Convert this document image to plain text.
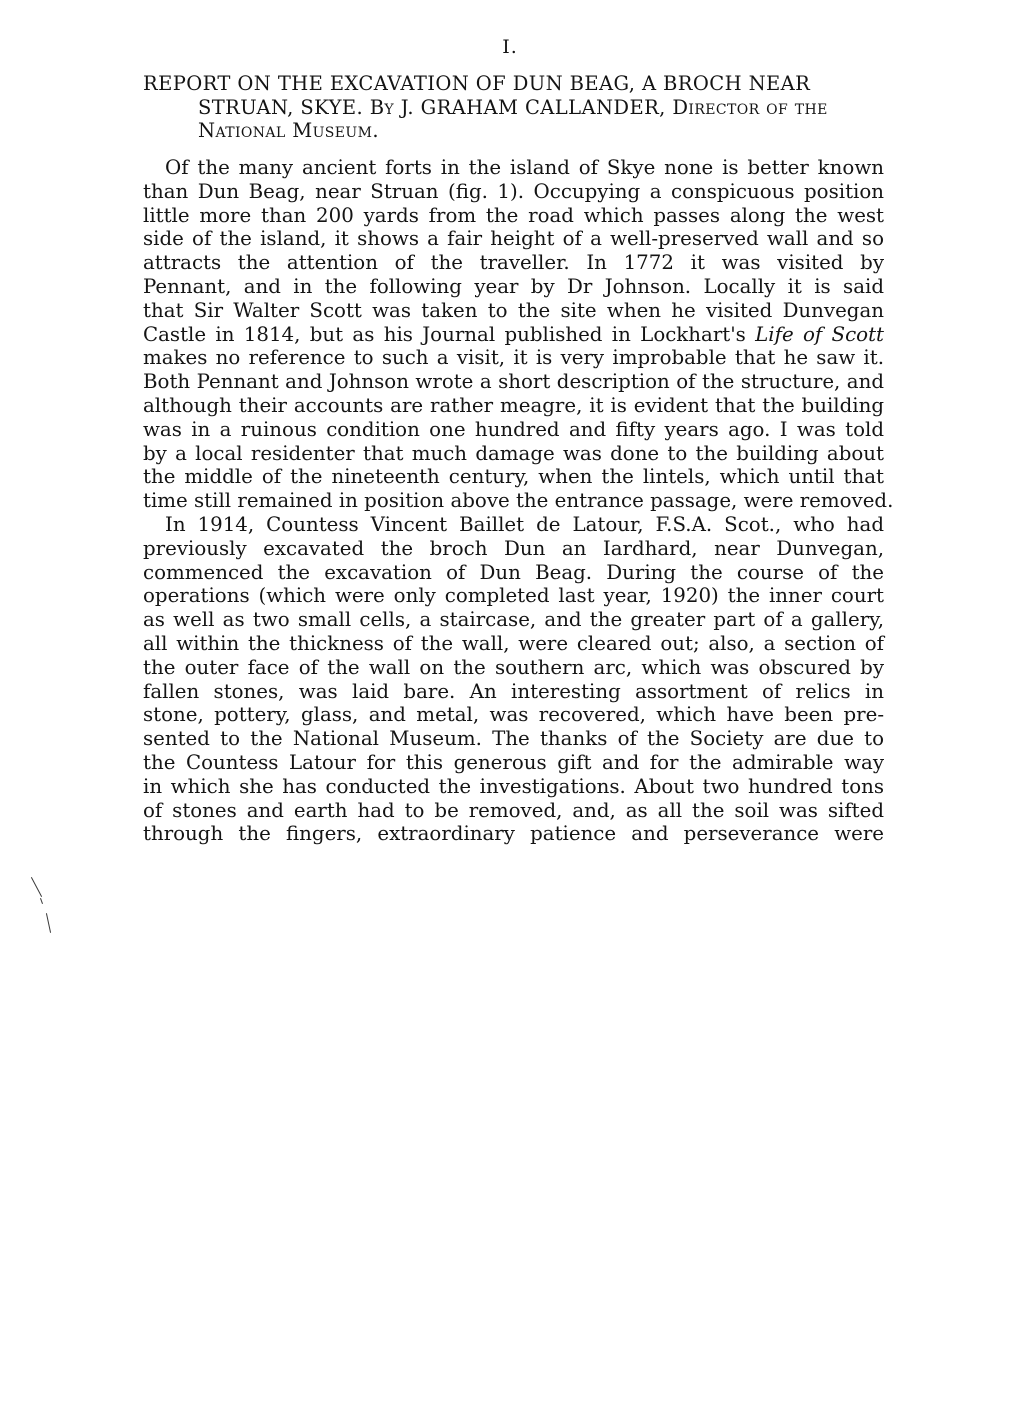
I.
REPORT ON THE EXCAVATION OF DUN BEAG, A BROCH NEAR
STRUAN, SKYE. By J. GRAHAM CALLANDER, Director of the
National Museum.
Of the many ancient forts in the island of Skye none is better known
than Dun Beag, near Struan (fig. 1). Occupying a conspicuous position
little more than 200 yards from the road which passes along the west
side of the island, it shows a fair height of a well-preserved wall and so
attracts the attention of the traveller. In 1772 it was visited by
Pennant, and in the following year by Dr Johnson. Locally it is said
that Sir Walter Scott was taken to the site when he visited Dunvegan
Castle in 1814, but as his Journal published in Lockhart's Life of Scott
makes no reference to such a visit, it is very improbable that he saw it.
Both Pennant and Johnson wrote a short description of the structure, and
although their accounts are rather meagre, it is evident that the building
was in a ruinous condition one hundred and fifty years ago. I was told
by a local residenter that much damage was done to the building about
the middle of the nineteenth century, when the lintels, which until that
time still remained in position above the entrance passage, were removed.
In 1914, Countess Vincent Baillet de Latour, F.S.A. Scot., who had
previously excavated the broch Dun an Iardhard, near Dunvegan,
commenced the excavation of Dun Beag. During the course of the
operations (which were only completed last year, 1920) the inner court
as well as two small cells, a staircase, and the greater part of a gallery,
all within the thickness of the wall, were cleared out; also, a section of
the outer face of the wall on the southern arc, which was obscured by
fallen stones, was laid bare. An interesting assortment of relics in
stone, pottery, glass, and metal, was recovered, which have been pre-
sented to the National Museum. The thanks of the Society are due to
the Countess Latour for this generous gift and for the admirable way
in which she has conducted the investigations. About two hundred tons
of stones and earth had to be removed, and, as all the soil was sifted
through the fingers, extraordinary patience and perseverance were
